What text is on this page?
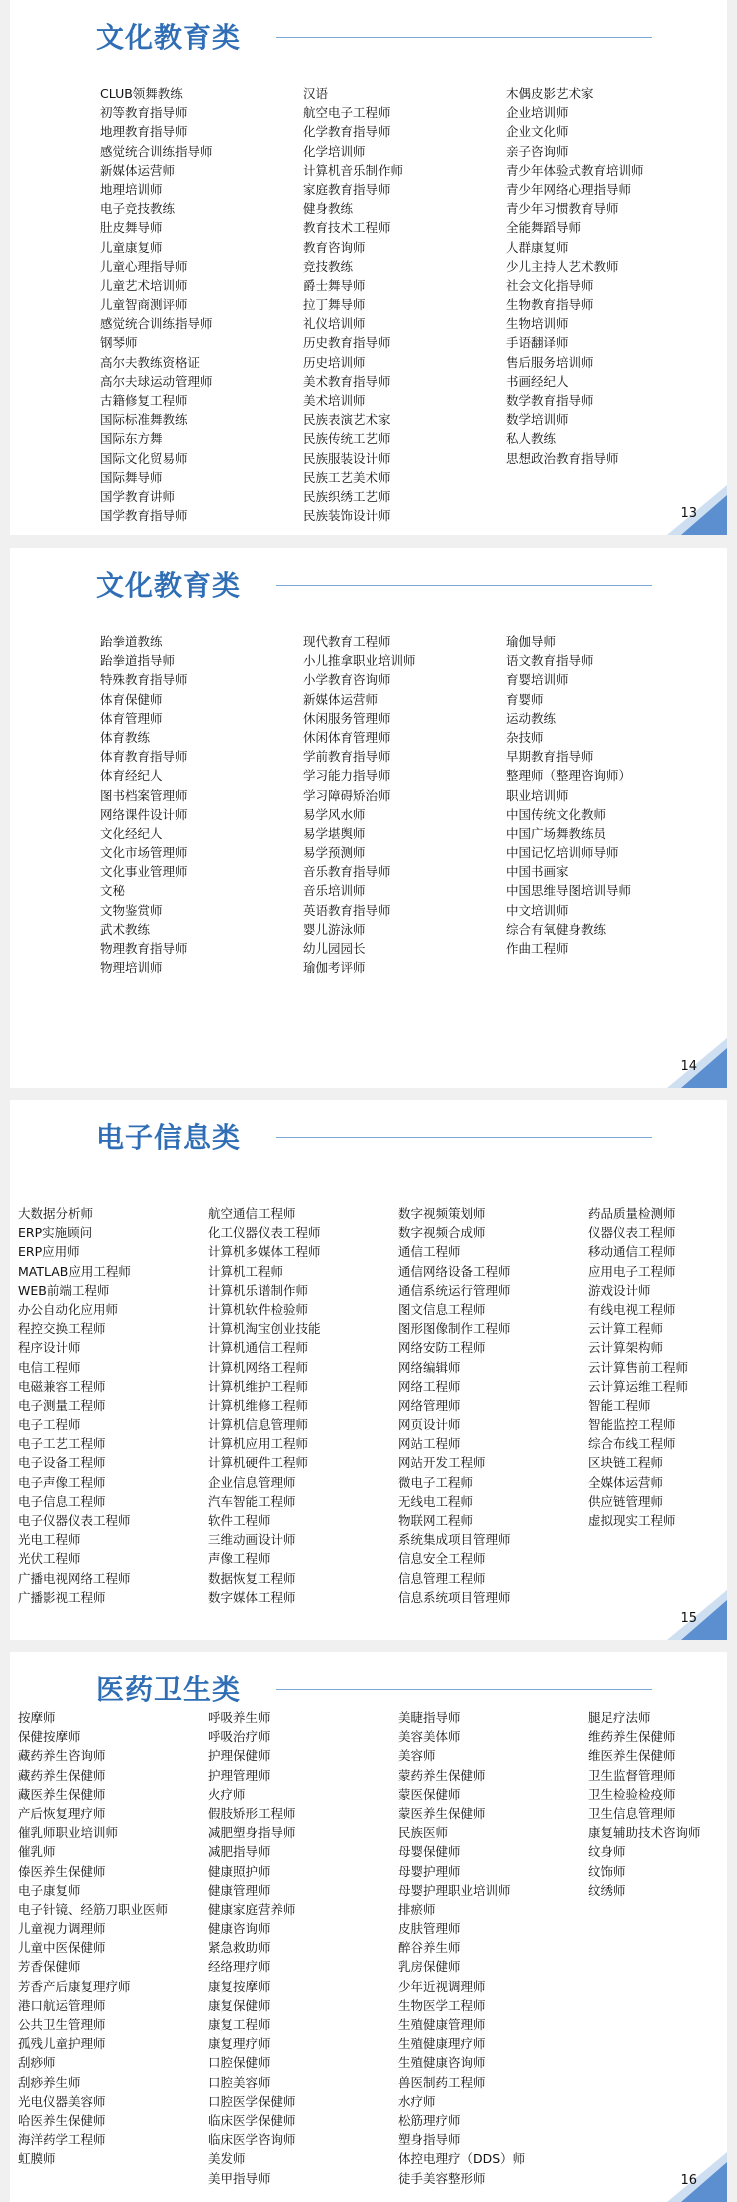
文化教育类
CLUB领舞教练
初等教育指导师
地理教育指导师
感觉统合训练指导师
新媒体运营师
地理培训师
电子竞技教练
肚皮舞导师
儿童康复师
儿童心理指导师
儿童艺术培训师
儿童智商测评师
感觉统合训练指导师
钢琴师
高尔夫教练资格证
高尔夫球运动管理师
古籍修复工程师
国际标准舞教练
国际东方舞
国际文化贸易师
国际舞导师
国学教育讲师
国学教育指导师
汉语
航空电子工程师
化学教育指导师
化学培训师
计算机音乐制作师
家庭教育指导师
健身教练
教育技术工程师
教育咨询师
竞技教练
爵士舞导师
拉丁舞导师
礼仪培训师
历史教育指导师
历史培训师
美术教育指导师
美术培训师
民族表演艺术家
民族传统工艺师
民族服装设计师
民族工艺美术师
民族织绣工艺师
民族装饰设计师
木偶皮影艺术家
企业培训师
企业文化师
亲子咨询师
青少年体验式教育培训师
青少年网络心理指导师
青少年习惯教育导师
全能舞蹈导师
人群康复师
少儿主持人艺术教师
社会文化指导师
生物教育指导师
生物培训师
手语翻译师
售后服务培训师
书画经纪人
数学教育指导师
数学培训师
私人教练
思想政治教育指导师
13
文化教育类
跆拳道教练
跆拳道指导师
特殊教育指导师
体育保健师
体育管理师
体育教练
体育教育指导师
体育经纪人
图书档案管理师
网络课件设计师
文化经纪人
文化市场管理师
文化事业管理师
文秘
文物鉴赏师
武术教练
物理教育指导师
物理培训师
现代教育工程师
小儿推拿职业培训师
小学教育咨询师
新媒体运营师
休闲服务管理师
休闲体育管理师
学前教育指导师
学习能力指导师
学习障碍矫治师
易学风水师
易学堪舆师
易学预测师
音乐教育指导师
音乐培训师
英语教育指导师
婴儿游泳师
幼儿园园长
瑜伽考评师
瑜伽导师
语文教育指导师
育婴培训师
育婴师
运动教练
杂技师
早期教育指导师
整理师（整理咨询师）
职业培训师
中国传统文化教师
中国广场舞教练员
中国记忆培训师导师
中国书画家
中国思维导图培训导师
中文培训师
综合有氧健身教练
作曲工程师
14
电子信息类
大数据分析师
ERP实施顾问
ERP应用师
MATLAB应用工程师
WEB前端工程师
办公自动化应用师
程控交换工程师
程序设计师
电信工程师
电磁兼容工程师
电子测量工程师
电子工程师
电子工艺工程师
电子设备工程师
电子声像工程师
电子信息工程师
电子仪器仪表工程师
光电工程师
光伏工程师
广播电视网络工程师
广播影视工程师
航空通信工程师
化工仪器仪表工程师
计算机多媒体工程师
计算机工程师
计算机乐谱制作师
计算机软件检验师
计算机淘宝创业技能
计算机通信工程师
计算机网络工程师
计算机维护工程师
计算机维修工程师
计算机信息管理师
计算机应用工程师
计算机硬件工程师
企业信息管理师
汽车智能工程师
软件工程师
三维动画设计师
声像工程师
数据恢复工程师
数字媒体工程师
数字视频策划师
数字视频合成师
通信工程师
通信网络设备工程师
通信系统运行管理师
图文信息工程师
图形图像制作工程师
网络安防工程师
网络编辑师
网络工程师
网络管理师
网页设计师
网站工程师
网站开发工程师
微电子工程师
无线电工程师
物联网工程师
系统集成项目管理师
信息安全工程师
信息管理工程师
信息系统项目管理师
药品质量检测师
仪器仪表工程师
移动通信工程师
应用电子工程师
游戏设计师
有线电视工程师
云计算工程师
云计算架构师
云计算售前工程师
云计算运维工程师
智能工程师
智能监控工程师
综合布线工程师
区块链工程师
全媒体运营师
供应链管理师
虚拟现实工程师
15
医药卫生类
按摩师
保健按摩师
藏药养生咨询师
藏药养生保健师
藏医养生保健师
产后恢复理疗师
催乳师职业培训师
催乳师
傣医养生保健师
电子康复师
电子针镜、经筋刀职业医师
儿童视力调理师
儿童中医保健师
芳香保健师
芳香产后康复理疗师
港口航运管理师
公共卫生管理师
孤残儿童护理师
刮痧师
刮痧养生师
光电仪器美容师
哈医养生保健师
海洋药学工程师
虹膜师
呼吸养生师
呼吸治疗师
护理保健师
护理管理师
火疗师
假肢矫形工程师
减肥塑身指导师
减肥指导师
健康照护师
健康管理师
健康家庭营养师
健康咨询师
紧急救助师
经络理疗师
康复按摩师
康复保健师
康复工程师
康复理疗师
口腔保健师
口腔美容师
口腔医学保健师
临床医学保健师
临床医学咨询师
美发师
美甲指导师
美睫指导师
美容美体师
美容师
蒙药养生保健师
蒙医保健师
蒙医养生保健师
民族医师
母婴保健师
母婴护理师
母婴护理职业培训师
排瘀师
皮肤管理师
醉谷养生师
乳房保健师
少年近视调理师
生物医学工程师
生殖健康管理师
生殖健康理疗师
生殖健康咨询师
兽医制药工程师
水疗师
松筋理疗师
塑身指导师
体控电理疗（DDS）师
徒手美容整形师
腿足疗法师
维药养生保健师
维医养生保健师
卫生监督管理师
卫生检验检疫师
卫生信息管理师
康复辅助技术咨询师
纹身师
纹饰师
纹绣师
16
